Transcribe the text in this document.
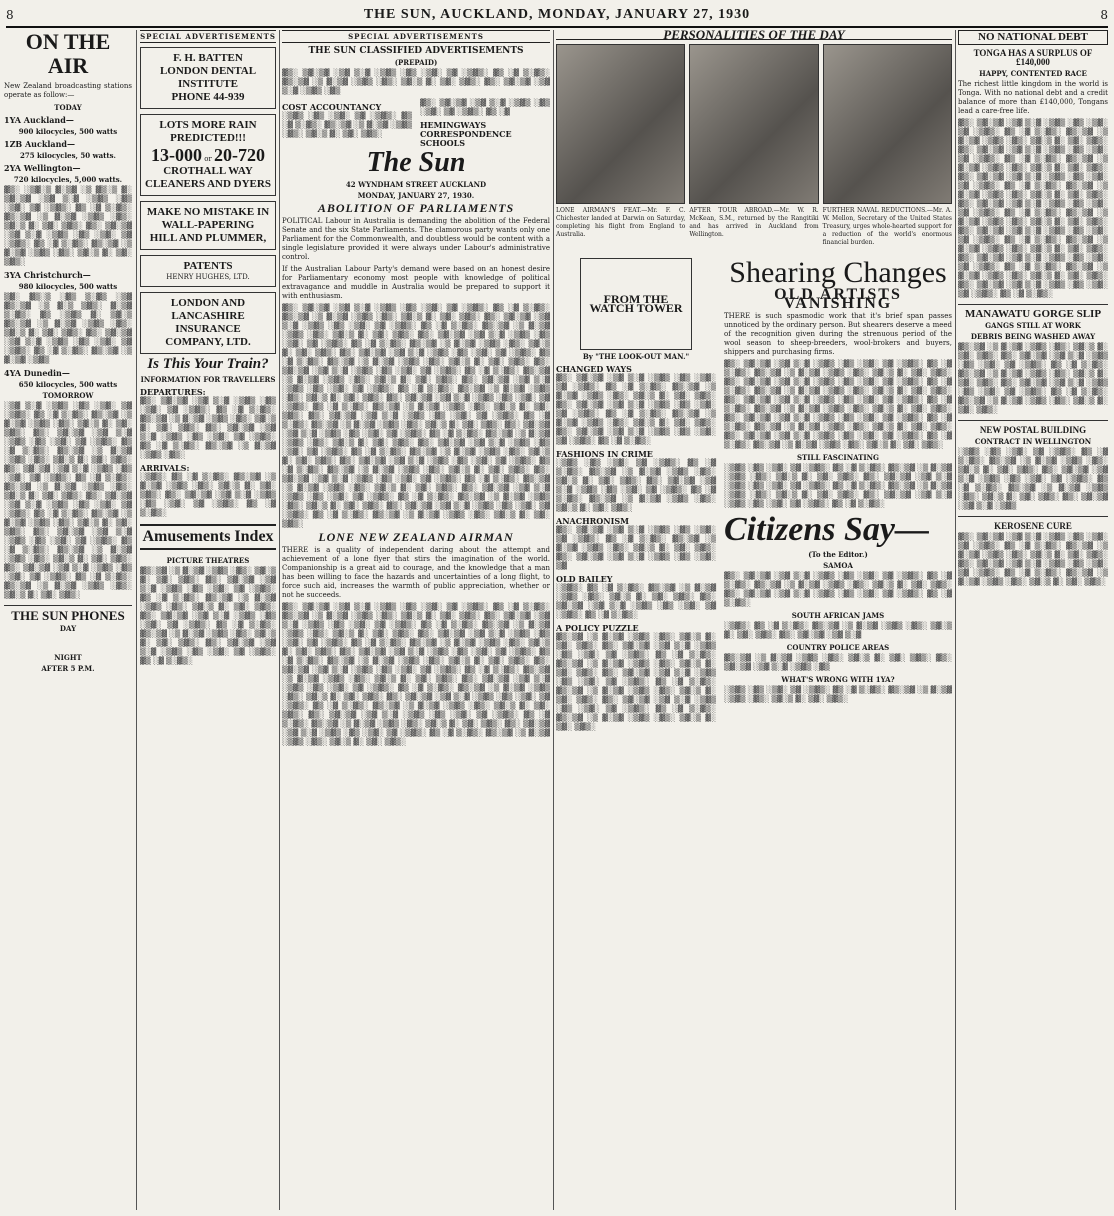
8	THE SUN, AUCKLAND, MONDAY, JANUARY 27, 1930	8
ON THE AIR

New Zealand broadcasting stations operate as follow:—

TODAY
1YA Auckland—
900 kilocycles, 500 watts
1ZB Auckland—
275 kilocycles, 50 watts.
2YA Wellington—
720 kilocycles, 5,000 watts.

▓▒░ ░▒▓░▒ ▓░▒▓ ░▒ ▓▒░▒ ▓░ ▒▓░▒▓ ░▒▓ ▒░▓ ░▒▓▒ ░▓▒ ░▒▓░ ▒▓ ░▒▓▒░ ▓▒ ░▓ ▒░▓▒░ ▓▒░▒▓ ░▒ ▓░▒▓ ░▒▓▒ ░▓▒░ ▒▓░▒ ▓░ ▒▓░ ▒▓▒░ ▓▒░ ▒▓░▒▓ ░▒▓ ▒░▓ ░▒▓▒ ░▓▒ ░▒▓░ ▒▓ ░▒▓▒░ ▓▒ ░▓ ▒░▓▒░ ▓▒░▒▓ ░▒ ▓░▒▓ ░▒▓▒ ░▓▒░ ▒▓░▒ ▓░ ▒▓░ ▒▓▒░

3YA Christchurch—
980 kilocycles, 500 watts

▒▓░ ▓▒░▒ ░▓▒ ▒░▓▒ ░▒▓ ▓▒░▒▓ ░▒ ▓░▒ ▒▓▒░ ▓░▒▓ ▒░▓▒░ ▓▒ ░▒▓▒ ▓░ ▒▓░▒ ▓▒░▒▓ ░▒ ▓░▒▓ ░▒▓▒ ░▓▒░ ▒▓░▒ ▓░ ▒▓░ ▒▓▒░ ▓▒░ ▒▓░▒▓ ░▒▓ ▒░▓ ░▒▓▒ ░▓▒ ░▒▓░ ▒▓ ░▒▓▒░ ▓▒ ░▓ ▒░▓▒░ ▓▒░▒▓ ░▒ ▓░▒▓ ░▒▓▒

4YA Dunedin—
650 kilocycles, 500 watts
TOMORROW

░▒▓ ▒░▓ ░▒▓▒ ░▓▒ ░▒▓░ ▒▓ ░▒▓▒░ ▓▒ ░▓ ▒░▓▒░ ▓▒░▒▓ ░▒ ▓░▒▓ ░▒▓▒ ░▓▒░ ▒▓░▒ ▓░ ▒▓░ ▒▓▒░ ▓▒░ ▒▓░▒▓ ░▒▓ ▒░▓ ░▒▓▒ ░▓▒ ░▒▓░ ▒▓ ░▒▓▒░ ▓▒ ░▓ ▒░▓▒░ ▓▒░▒▓ ░▒ ▓░▒▓ ░▒▓▒ ░▓▒░ ▒▓░▒ ▓░ ▒▓░ ▒▓▒░ ▓▒░ ▒▓░▒▓ ░▒▓ ▒░▓ ░▒▓▒ ░▓▒ ░▒▓░ ▒▓ ░▒▓▒░ ▓▒ ░▓ ▒░▓▒░ ▓▒░▒▓ ░▒ ▓░▒▓ ░▒▓▒ ░▓▒░ ▒▓░▒ ▓░ ▒▓░ ▒▓▒░ ▓▒░ ▒▓░▒▓ ░▒▓ ▒░▓ ░▒▓▒ ░▓▒ ░▒▓░ ▒▓ ░▒▓▒░ ▓▒ ░▓ ▒░▓▒░ ▓▒░▒▓ ░▒ ▓░▒▓ ░▒▓▒ ░▓▒░ ▒▓░▒ ▓░ ▒▓░ ▒▓▒░ ▓▒░ ▒▓░▒▓ ░▒▓ ▒░▓ ░▒▓▒ ░▓▒ ░▒▓░ ▒▓ ░▒▓▒░ ▓▒ ░▓ ▒░▓▒░ ▓▒░▒▓ ░▒ ▓░▒▓ ░▒▓▒ ░▓▒░ ▒▓░▒ ▓░ ▒▓░ ▒▓▒░ ▓▒░ ▒▓░▒▓ ░▒▓ ▒░▓ ░▒▓▒ ░▓▒ ░▒▓░ ▒▓ ░▒▓▒░ ▓▒ ░▓ ▒░▓▒░ ▓▒░▒▓ ░▒ ▓░▒▓ ░▒▓▒ ░▓▒░ ▒▓░▒ ▓░ ▒▓░ ▒▓▒░

THE SUN PHONES
DAY
NIGHT
AFTER 5 P.M.
SPECIAL ADVERTISEMENTS
F. H. BATTEN
LONDON DENTAL INSTITUTE
PHONE 44-939
LOTS MORE RAIN PREDICTED!!!
13-000 or 20-720
CROTHALL WAY CLEANERS AND DYERS
MAKE NO MISTAKE IN WALL-PAPERING
HILL AND PLUMMER,
PATENTS
HENRY HUGHES, LTD.
LONDON AND LANCASHIRE INSURANCE COMPANY, LTD.
Is This Your Train?
INFORMATION FOR TRAVELLERS
DEPARTURES:

▓▒░ ▒▓░▒▓ ░▒▓ ▒░▓ ░▒▓▒ ░▓▒ ░▒▓░ ▒▓ ░▒▓▒░ ▓▒ ░▓ ▒░▓▒░ ▓▒░▒▓ ░▒ ▓░▒▓ ░▒▓▒ ░▓▒░ ▒▓░▒ ▓░ ▒▓░ ▒▓▒░ ▓▒░ ▒▓░▒▓ ░▒▓ ▒░▓ ░▒▓▒ ░▓▒ ░▒▓░ ▒▓ ░▒▓▒░ ▓▒ ░▓ ▒░▓▒░ ▓▒░▒▓ ░▒ ▓░▒▓ ░▒▓▒ ░▓▒░

ARRIVALS:

░▒▓▒░ ▓▒ ░▓ ▒░▓▒░ ▓▒░▒▓ ░▒ ▓░▒▓ ░▒▓▒ ░▓▒░ ▒▓░▒ ▓░ ▒▓░ ▒▓▒░ ▓▒░ ▒▓░▒▓ ░▒▓ ▒░▓ ░▒▓▒ ░▓▒ ░▒▓░ ▒▓ ░▒▓▒░ ▓▒ ░▓ ▒░▓▒░

Amusements Index
PICTURE THEATRES

▓▒░▒▓ ░▒ ▓░▒▓ ░▒▓▒ ░▓▒░ ▒▓░▒ ▓░ ▒▓░ ▒▓▒░ ▓▒░ ▒▓░▒▓ ░▒▓ ▒░▓ ░▒▓▒ ░▓▒ ░▒▓░ ▒▓ ░▒▓▒░ ▓▒ ░▓ ▒░▓▒░ ▓▒░▒▓ ░▒ ▓░▒▓ ░▒▓▒ ░▓▒░ ▒▓░▒ ▓░ ▒▓░ ▒▓▒░ ▓▒░ ▒▓░▒▓ ░▒▓ ▒░▓ ░▒▓▒ ░▓▒ ░▒▓░ ▒▓ ░▒▓▒░ ▓▒ ░▓ ▒░▓▒░ ▓▒░▒▓ ░▒ ▓░▒▓ ░▒▓▒ ░▓▒░ ▒▓░▒ ▓░ ▒▓░ ▒▓▒░ ▓▒░ ▒▓░▒▓ ░▒▓ ▒░▓ ░▒▓▒ ░▓▒ ░▒▓░ ▒▓ ░▒▓▒░ ▓▒ ░▓ ▒░▓▒░

SPECIAL ADVERTISEMENTS
THE SUN CLASSIFIED ADVERTISEMENTS
(PREPAID)

▓▒░ ▒▓░▒▓ ░▒▓ ▒░▓ ░▒▓▒ ░▓▒ ░▒▓░ ▒▓ ░▒▓▒░ ▓▒ ░▓ ▒░▓▒░ ▓▒░▒▓ ░▒ ▓░▒▓ ░▒▓▒ ░▓▒░ ▒▓░▒ ▓░ ▒▓░ ▒▓▒░ ▓▒░ ▒▓░▒▓ ░▒▓ ▒░▓ ░▒▓▒ ░▓▒

COST ACCOUNTANCY

░▒▓▒ ░▓▒ ░▒▓░ ▒▓ ░▒▓▒░ ▓▒ ░▓ ▒░▓▒░ ▓▒░▒▓ ░▒ ▓░▒▓ ░▒▓▒ ░▓▒░ ▒▓░▒ ▓░ ▒▓░ ▒▓▒░

▓▒░ ▒▓░▒▓ ░▒▓ ▒░▓ ░▒▓▒ ░▓▒ ░▒▓░ ▒▓ ░▒▓▒░ ▓▒ ░▓

HEMINGWAYS CORRESPONDENCE SCHOOLS
The Sun
42 WYNDHAM STREET AUCKLAND
MONDAY, JANUARY 27, 1930.
ABOLITION OF PARLIAMENTS

POLITICAL Labour in Australia is demanding the abolition of the Federal Senate and the six State Parliaments. The clamorous party wants only one Parliament for the Commonwealth, and doubtless would be content with a single legislature provided it were always under Labour's administrative control.

If the Australian Labour Party's demand were based on an honest desire for Parliamentary economy most people with knowledge of political extravagance and muddle in Australia would be prepared to support it with enthusiasm.

▓▒░ ▒▓░▒▓ ░▒▓ ▒░▓ ░▒▓▒ ░▓▒ ░▒▓░ ▒▓ ░▒▓▒░ ▓▒ ░▓ ▒░▓▒░ ▓▒░▒▓ ░▒ ▓░▒▓ ░▒▓▒ ░▓▒░ ▒▓░▒ ▓░ ▒▓░ ▒▓▒░ ▓▒░ ▒▓░▒▓ ░▒▓ ▒░▓ ░▒▓▒ ░▓▒ ░▒▓░ ▒▓ ░▒▓▒░ ▓▒ ░▓ ▒░▓▒░ ▓▒░▒▓ ░▒ ▓░▒▓ ░▒▓▒ ░▓▒░ ▒▓░▒ ▓░ ▒▓░ ▒▓▒░ ▓▒░ ▒▓░▒▓ ░▒▓ ▒░▓ ░▒▓▒ ░▓▒ ░▒▓░ ▒▓ ░▒▓▒░ ▓▒ ░▓ ▒░▓▒░ ▓▒░▒▓ ░▒ ▓░▒▓ ░▒▓▒ ░▓▒░ ▒▓░▒ ▓░ ▒▓░ ▒▓▒░ ▓▒░ ▒▓░▒▓ ░▒▓ ▒░▓ ░▒▓▒ ░▓▒ ░▒▓░ ▒▓ ░▒▓▒░ ▓▒ ░▓ ▒░▓▒░ ▓▒░▒▓ ░▒ ▓░▒▓ ░▒▓▒ ░▓▒░ ▒▓░▒ ▓░ ▒▓░ ▒▓▒░ ▓▒░ ▒▓░▒▓ ░▒▓ ▒░▓ ░▒▓▒ ░▓▒ ░▒▓░ ▒▓ ░▒▓▒░ ▓▒ ░▓ ▒░▓▒░ ▓▒░▒▓ ░▒ ▓░▒▓ ░▒▓▒ ░▓▒░ ▒▓░▒ ▓░ ▒▓░ ▒▓▒░ ▓▒░ ▒▓░▒▓ ░▒▓ ▒░▓ ░▒▓▒ ░▓▒ ░▒▓░ ▒▓ ░▒▓▒░ ▓▒ ░▓ ▒░▓▒░ ▓▒░▒▓ ░▒ ▓░▒▓ ░▒▓▒ ░▓▒░ ▒▓░▒ ▓░ ▒▓░ ▒▓▒░ ▓▒░ ▒▓░▒▓ ░▒▓ ▒░▓ ░▒▓▒ ░▓▒ ░▒▓░ ▒▓ ░▒▓▒░ ▓▒ ░▓ ▒░▓▒░ ▓▒░▒▓ ░▒ ▓░▒▓ ░▒▓▒ ░▓▒░ ▒▓░▒ ▓░ ▒▓░ ▒▓▒░ ▓▒░ ▒▓░▒▓ ░▒▓ ▒░▓ ░▒▓▒ ░▓▒ ░▒▓░ ▒▓ ░▒▓▒░ ▓▒ ░▓ ▒░▓▒░ ▓▒░▒▓ ░▒ ▓░▒▓ ░▒▓▒ ░▓▒░ ▒▓░▒ ▓░ ▒▓░ ▒▓▒░ ▓▒░ ▒▓░▒▓ ░▒▓ ▒░▓ ░▒▓▒ ░▓▒ ░▒▓░ ▒▓ ░▒▓▒░ ▓▒ ░▓ ▒░▓▒░ ▓▒░▒▓ ░▒ ▓░▒▓ ░▒▓▒ ░▓▒░ ▒▓░▒ ▓░ ▒▓░ ▒▓▒░ ▓▒░ ▒▓░▒▓ ░▒▓ ▒░▓ ░▒▓▒ ░▓▒ ░▒▓░ ▒▓ ░▒▓▒░ ▓▒ ░▓ ▒░▓▒░ ▓▒░▒▓ ░▒ ▓░▒▓ ░▒▓▒ ░▓▒░ ▒▓░▒ ▓░ ▒▓░ ▒▓▒░ ▓▒░ ▒▓░▒▓ ░▒▓ ▒░▓ ░▒▓▒ ░▓▒ ░▒▓░ ▒▓ ░▒▓▒░ ▓▒ ░▓ ▒░▓▒░ ▓▒░▒▓ ░▒ ▓░▒▓ ░▒▓▒ ░▓▒░ ▒▓░▒ ▓░ ▒▓░ ▒▓▒░ ▓▒░ ▒▓░▒▓ ░▒▓ ▒░▓ ░▒▓▒ ░▓▒ ░▒▓░ ▒▓ ░▒▓▒░ ▓▒ ░▓ ▒░▓▒░ ▓▒░▒▓ ░▒ ▓░▒▓ ░▒▓▒ ░▓▒░ ▒▓░▒ ▓░ ▒▓░ ▒▓▒░ ▓▒░ ▒▓░▒▓ ░▒▓ ▒░▓ ░▒▓▒ ░▓▒ ░▒▓░ ▒▓ ░▒▓▒░ ▓▒ ░▓ ▒░▓▒░ ▓▒░▒▓ ░▒ ▓░▒▓ ░▒▓▒ ░▓▒░ ▒▓░▒ ▓░ ▒▓░ ▒▓▒░ ▓▒░ ▒▓░▒▓ ░▒▓ ▒░▓ ░▒▓▒ ░▓▒ ░▒▓░ ▒▓ ░▒▓▒░ ▓▒ ░▓ ▒░▓▒░ ▓▒░▒▓ ░▒ ▓░▒▓ ░▒▓▒ ░▓▒░ ▒▓░▒ ▓░ ▒▓░ ▒▓▒░

LONE NEW ZEALAND AIRMAN

THERE is a quality of independent daring about the attempt and achievement of a lone flyer that stirs the imagination of the world. Companionship is a great aid to courage, and the knowledge that a man has been willing to face the hazards and uncertainties of a long flight, to force such aid, increases the warmth of public appreciation, whether or not he succeeds.

▓▒░ ▒▓░▒▓ ░▒▓ ▒░▓ ░▒▓▒ ░▓▒ ░▒▓░ ▒▓ ░▒▓▒░ ▓▒ ░▓ ▒░▓▒░ ▓▒░▒▓ ░▒ ▓░▒▓ ░▒▓▒ ░▓▒░ ▒▓░▒ ▓░ ▒▓░ ▒▓▒░ ▓▒░ ▒▓░▒▓ ░▒▓ ▒░▓ ░▒▓▒ ░▓▒ ░▒▓░ ▒▓ ░▒▓▒░ ▓▒ ░▓ ▒░▓▒░ ▓▒░▒▓ ░▒ ▓░▒▓ ░▒▓▒ ░▓▒░ ▒▓░▒ ▓░ ▒▓░ ▒▓▒░ ▓▒░ ▒▓░▒▓ ░▒▓ ▒░▓ ░▒▓▒ ░▓▒ ░▒▓░ ▒▓ ░▒▓▒░ ▓▒ ░▓ ▒░▓▒░ ▓▒░▒▓ ░▒ ▓░▒▓ ░▒▓▒ ░▓▒░ ▒▓░▒ ▓░ ▒▓░ ▒▓▒░ ▓▒░ ▒▓░▒▓ ░▒▓ ▒░▓ ░▒▓▒ ░▓▒ ░▒▓░ ▒▓ ░▒▓▒░ ▓▒ ░▓ ▒░▓▒░ ▓▒░▒▓ ░▒ ▓░▒▓ ░▒▓▒ ░▓▒░ ▒▓░▒ ▓░ ▒▓░ ▒▓▒░ ▓▒░ ▒▓░▒▓ ░▒▓ ▒░▓ ░▒▓▒ ░▓▒ ░▒▓░ ▒▓ ░▒▓▒░ ▓▒ ░▓ ▒░▓▒░ ▓▒░▒▓ ░▒ ▓░▒▓ ░▒▓▒ ░▓▒░ ▒▓░▒ ▓░ ▒▓░ ▒▓▒░ ▓▒░ ▒▓░▒▓ ░▒▓ ▒░▓ ░▒▓▒ ░▓▒ ░▒▓░ ▒▓ ░▒▓▒░ ▓▒ ░▓ ▒░▓▒░ ▓▒░▒▓ ░▒ ▓░▒▓ ░▒▓▒ ░▓▒░ ▒▓░▒ ▓░ ▒▓░ ▒▓▒░ ▓▒░ ▒▓░▒▓ ░▒▓ ▒░▓ ░▒▓▒ ░▓▒ ░▒▓░ ▒▓ ░▒▓▒░ ▓▒ ░▓ ▒░▓▒░ ▓▒░▒▓ ░▒ ▓░▒▓ ░▒▓▒ ░▓▒░ ▒▓░▒ ▓░ ▒▓░ ▒▓▒░ ▓▒░ ▒▓░▒▓ ░▒▓ ▒░▓ ░▒▓▒ ░▓▒ ░▒▓░ ▒▓ ░▒▓▒░ ▓▒ ░▓ ▒░▓▒░ ▓▒░▒▓ ░▒ ▓░▒▓ ░▒▓▒ ░▓▒░ ▒▓░▒ ▓░ ▒▓░ ▒▓▒░ ▓▒░ ▒▓░▒▓ ░▒▓ ▒░▓ ░▒▓▒ ░▓▒ ░▒▓░ ▒▓ ░▒▓▒░ ▓▒ ░▓ ▒░▓▒░ ▓▒░▒▓ ░▒ ▓░▒▓ ░▒▓▒ ░▓▒░ ▒▓░▒ ▓░ ▒▓░ ▒▓▒░

PERSONALITIES OF THE DAY

LONE AIRMAN'S FEAT.—Mr. F. C. Chichester landed at Darwin on Saturday, completing his flight from England to Australia.

AFTER TOUR ABROAD.—Mr. W. R. McKean, S.M., returned by the Rangitiki and has arrived in Auckland from Wellington.

FURTHER NAVAL REDUCTIONS.—Mr. A. W. Mellon, Secretary of the United States Treasury, urges whole-hearted support for a reduction of the world's enormous financial burden.

FROM THE WATCH TOWER
By "THE LOOK-OUT MAN."
CHANGED WAYS

▓▒░ ▒▓░▒▓ ░▒▓ ▒░▓ ░▒▓▒ ░▓▒ ░▒▓░ ▒▓ ░▒▓▒░ ▓▒ ░▓ ▒░▓▒░ ▓▒░▒▓ ░▒ ▓░▒▓ ░▒▓▒ ░▓▒░ ▒▓░▒ ▓░ ▒▓░ ▒▓▒░ ▓▒░ ▒▓░▒▓ ░▒▓ ▒░▓ ░▒▓▒ ░▓▒ ░▒▓░ ▒▓ ░▒▓▒░ ▓▒ ░▓ ▒░▓▒░ ▓▒░▒▓ ░▒ ▓░▒▓ ░▒▓▒ ░▓▒░ ▒▓░▒ ▓░ ▒▓░ ▒▓▒░ ▓▒░ ▒▓░▒▓ ░▒▓ ▒░▓ ░▒▓▒ ░▓▒ ░▒▓░ ▒▓ ░▒▓▒░ ▓▒ ░▓ ▒░▓▒░

FASHIONS IN CRIME

░▒▓▒ ░▓▒ ░▒▓░ ▒▓ ░▒▓▒░ ▓▒ ░▓ ▒░▓▒░ ▓▒░▒▓ ░▒ ▓░▒▓ ░▒▓▒ ░▓▒░ ▒▓░▒ ▓░ ▒▓░ ▒▓▒░ ▓▒░ ▒▓░▒▓ ░▒▓ ▒░▓ ░▒▓▒ ░▓▒ ░▒▓░ ▒▓ ░▒▓▒░ ▓▒ ░▓ ▒░▓▒░ ▓▒░▒▓ ░▒ ▓░▒▓ ░▒▓▒ ░▓▒░ ▒▓░▒ ▓░ ▒▓░ ▒▓▒░

ANACHRONISM

▓▒░ ▒▓░▒▓ ░▒▓ ▒░▓ ░▒▓▒ ░▓▒ ░▒▓░ ▒▓ ░▒▓▒░ ▓▒ ░▓ ▒░▓▒░ ▓▒░▒▓ ░▒ ▓░▒▓ ░▒▓▒ ░▓▒░ ▒▓░▒ ▓░ ▒▓░ ▒▓▒░ ▓▒░ ▒▓░▒▓ ░▒▓ ▒░▓ ░▒▓▒ ░▓▒ ░▒▓░ ▒▓

OLD BAILEY

░▒▓▒░ ▓▒ ░▓ ▒░▓▒░ ▓▒░▒▓ ░▒ ▓░▒▓ ░▒▓▒ ░▓▒░ ▒▓░▒ ▓░ ▒▓░ ▒▓▒░ ▓▒░ ▒▓░▒▓ ░▒▓ ▒░▓ ░▒▓▒ ░▓▒ ░▒▓░ ▒▓ ░▒▓▒░ ▓▒ ░▓ ▒░▓▒░

A POLICY PUZZLE

▓▒░▒▓ ░▒ ▓░▒▓ ░▒▓▒ ░▓▒░ ▒▓░▒ ▓░ ▒▓░ ▒▓▒░ ▓▒░ ▒▓░▒▓ ░▒▓ ▒░▓ ░▒▓▒ ░▓▒ ░▒▓░ ▒▓ ░▒▓▒░ ▓▒ ░▓ ▒░▓▒░ ▓▒░▒▓ ░▒ ▓░▒▓ ░▒▓▒ ░▓▒░ ▒▓░▒ ▓░ ▒▓░ ▒▓▒░ ▓▒░ ▒▓░▒▓ ░▒▓ ▒░▓ ░▒▓▒ ░▓▒ ░▒▓░ ▒▓ ░▒▓▒░ ▓▒ ░▓ ▒░▓▒░ ▓▒░▒▓ ░▒ ▓░▒▓ ░▒▓▒ ░▓▒░ ▒▓░▒ ▓░ ▒▓░ ▒▓▒░ ▓▒░ ▒▓░▒▓ ░▒▓ ▒░▓ ░▒▓▒ ░▓▒ ░▒▓░ ▒▓ ░▒▓▒░ ▓▒ ░▓ ▒░▓▒░ ▓▒░▒▓ ░▒ ▓░▒▓ ░▒▓▒ ░▓▒░ ▒▓░▒ ▓░ ▒▓░ ▒▓▒░

Shearing Changes
OLD ARTISTS VANISHING

THERE is such spasmodic work that it's brief span passes unnoticed by the ordinary person. But shearers deserve a meed of the recognition given during the strenuous period of the wool season to sheep-breeders, wool-brokers and buyers, shippers and purchasing firms.

▓▒░ ▒▓░▒▓ ░▒▓ ▒░▓ ░▒▓▒ ░▓▒ ░▒▓░ ▒▓ ░▒▓▒░ ▓▒ ░▓ ▒░▓▒░ ▓▒░▒▓ ░▒ ▓░▒▓ ░▒▓▒ ░▓▒░ ▒▓░▒ ▓░ ▒▓░ ▒▓▒░ ▓▒░ ▒▓░▒▓ ░▒▓ ▒░▓ ░▒▓▒ ░▓▒ ░▒▓░ ▒▓ ░▒▓▒░ ▓▒ ░▓ ▒░▓▒░ ▓▒░▒▓ ░▒ ▓░▒▓ ░▒▓▒ ░▓▒░ ▒▓░▒ ▓░ ▒▓░ ▒▓▒░ ▓▒░ ▒▓░▒▓ ░▒▓ ▒░▓ ░▒▓▒ ░▓▒ ░▒▓░ ▒▓ ░▒▓▒░ ▓▒ ░▓ ▒░▓▒░ ▓▒░▒▓ ░▒ ▓░▒▓ ░▒▓▒ ░▓▒░ ▒▓░▒ ▓░ ▒▓░ ▒▓▒░ ▓▒░ ▒▓░▒▓ ░▒▓ ▒░▓ ░▒▓▒ ░▓▒ ░▒▓░ ▒▓ ░▒▓▒░ ▓▒ ░▓ ▒░▓▒░ ▓▒░▒▓ ░▒ ▓░▒▓ ░▒▓▒ ░▓▒░ ▒▓░▒ ▓░ ▒▓░ ▒▓▒░ ▓▒░ ▒▓░▒▓ ░▒▓ ▒░▓ ░▒▓▒ ░▓▒ ░▒▓░ ▒▓ ░▒▓▒░ ▓▒ ░▓ ▒░▓▒░ ▓▒░▒▓ ░▒ ▓░▒▓ ░▒▓▒ ░▓▒░ ▒▓░▒ ▓░ ▒▓░ ▒▓▒░

STILL FASCINATING

░▒▓▒ ░▓▒ ░▒▓░ ▒▓ ░▒▓▒░ ▓▒ ░▓ ▒░▓▒░ ▓▒░▒▓ ░▒ ▓░▒▓ ░▒▓▒ ░▓▒░ ▒▓░▒ ▓░ ▒▓░ ▒▓▒░ ▓▒░ ▒▓░▒▓ ░▒▓ ▒░▓ ░▒▓▒ ░▓▒ ░▒▓░ ▒▓ ░▒▓▒░ ▓▒ ░▓ ▒░▓▒░ ▓▒░▒▓ ░▒ ▓░▒▓ ░▒▓▒ ░▓▒░ ▒▓░▒ ▓░ ▒▓░ ▒▓▒░ ▓▒░ ▒▓░▒▓ ░▒▓ ▒░▓ ░▒▓▒ ░▓▒ ░▒▓░ ▒▓ ░▒▓▒░ ▓▒ ░▓ ▒░▓▒░

Citizens Say—
(To the Editor.)
SAMOA

▓▒░ ▒▓░▒▓ ░▒▓ ▒░▓ ░▒▓▒ ░▓▒ ░▒▓░ ▒▓ ░▒▓▒░ ▓▒ ░▓ ▒░▓▒░ ▓▒░▒▓ ░▒ ▓░▒▓ ░▒▓▒ ░▓▒░ ▒▓░▒ ▓░ ▒▓░ ▒▓▒░ ▓▒░ ▒▓░▒▓ ░▒▓ ▒░▓ ░▒▓▒ ░▓▒ ░▒▓░ ▒▓ ░▒▓▒░ ▓▒ ░▓ ▒░▓▒░

SOUTH AFRICAN JAMS

░▒▓▒░ ▓▒ ░▓ ▒░▓▒░ ▓▒░▒▓ ░▒ ▓░▒▓ ░▒▓▒ ░▓▒░ ▒▓░▒ ▓░ ▒▓░ ▒▓▒░ ▓▒░ ▒▓░▒▓ ░▒▓ ▒░▓

COUNTRY POLICE AREAS

▓▒░▒▓ ░▒ ▓░▒▓ ░▒▓▒ ░▓▒░ ▒▓░▒ ▓░ ▒▓░ ▒▓▒░ ▓▒░ ▒▓░▒▓ ░▒▓ ▒░▓ ░▒▓▒ ░▓▒

WHAT'S WRONG WITH 1YA?

░▒▓▒ ░▓▒ ░▒▓░ ▒▓ ░▒▓▒░ ▓▒ ░▓ ▒░▓▒░ ▓▒░▒▓ ░▒ ▓░▒▓ ░▒▓▒ ░▓▒░ ▒▓░▒ ▓░ ▒▓░ ▒▓▒░

NO NATIONAL DEBT
TONGA HAS A SURPLUS OF £140,000
HAPPY, CONTENTED RACE

The richest little kingdom in the world is Tonga. With no national debt and a credit balance of more than £140,000, Tongans lead a care-free life.

▓▒░ ▒▓░▒▓ ░▒▓ ▒░▓ ░▒▓▒ ░▓▒ ░▒▓░ ▒▓ ░▒▓▒░ ▓▒ ░▓ ▒░▓▒░ ▓▒░▒▓ ░▒ ▓░▒▓ ░▒▓▒ ░▓▒░ ▒▓░▒ ▓░ ▒▓░ ▒▓▒░ ▓▒░ ▒▓░▒▓ ░▒▓ ▒░▓ ░▒▓▒ ░▓▒ ░▒▓░ ▒▓ ░▒▓▒░ ▓▒ ░▓ ▒░▓▒░ ▓▒░▒▓ ░▒ ▓░▒▓ ░▒▓▒ ░▓▒░ ▒▓░▒ ▓░ ▒▓░ ▒▓▒░ ▓▒░ ▒▓░▒▓ ░▒▓ ▒░▓ ░▒▓▒ ░▓▒ ░▒▓░ ▒▓ ░▒▓▒░ ▓▒ ░▓ ▒░▓▒░ ▓▒░▒▓ ░▒ ▓░▒▓ ░▒▓▒ ░▓▒░ ▒▓░▒ ▓░ ▒▓░ ▒▓▒░ ▓▒░ ▒▓░▒▓ ░▒▓ ▒░▓ ░▒▓▒ ░▓▒ ░▒▓░ ▒▓ ░▒▓▒░ ▓▒ ░▓ ▒░▓▒░ ▓▒░▒▓ ░▒ ▓░▒▓ ░▒▓▒ ░▓▒░ ▒▓░▒ ▓░ ▒▓░ ▒▓▒░ ▓▒░ ▒▓░▒▓ ░▒▓ ▒░▓ ░▒▓▒ ░▓▒ ░▒▓░ ▒▓ ░▒▓▒░ ▓▒ ░▓ ▒░▓▒░ ▓▒░▒▓ ░▒ ▓░▒▓ ░▒▓▒ ░▓▒░ ▒▓░▒ ▓░ ▒▓░ ▒▓▒░ ▓▒░ ▒▓░▒▓ ░▒▓ ▒░▓ ░▒▓▒ ░▓▒ ░▒▓░ ▒▓ ░▒▓▒░ ▓▒ ░▓ ▒░▓▒░ ▓▒░▒▓ ░▒ ▓░▒▓ ░▒▓▒ ░▓▒░ ▒▓░▒ ▓░ ▒▓░ ▒▓▒░ ▓▒░ ▒▓░▒▓ ░▒▓ ▒░▓ ░▒▓▒ ░▓▒ ░▒▓░ ▒▓ ░▒▓▒░ ▓▒ ░▓ ▒░▓▒░

MANAWATU GORGE SLIP
GANGS STILL AT WORK
DEBRIS BEING WASHED AWAY

▓▒░▒▓ ░▒ ▓░▒▓ ░▒▓▒ ░▓▒░ ▒▓░▒ ▓░ ▒▓░ ▒▓▒░ ▓▒░ ▒▓░▒▓ ░▒▓ ▒░▓ ░▒▓▒ ░▓▒ ░▒▓░ ▒▓ ░▒▓▒░ ▓▒ ░▓ ▒░▓▒░ ▓▒░▒▓ ░▒ ▓░▒▓ ░▒▓▒ ░▓▒░ ▒▓░▒ ▓░ ▒▓░ ▒▓▒░ ▓▒░ ▒▓░▒▓ ░▒▓ ▒░▓ ░▒▓▒ ░▓▒ ░▒▓░ ▒▓ ░▒▓▒░ ▓▒ ░▓ ▒░▓▒░ ▓▒░▒▓ ░▒ ▓░▒▓ ░▒▓▒ ░▓▒░ ▒▓░▒ ▓░ ▒▓░ ▒▓▒░

NEW POSTAL BUILDING
CONTRACT IN WELLINGTON

░▒▓▒ ░▓▒ ░▒▓░ ▒▓ ░▒▓▒░ ▓▒ ░▓ ▒░▓▒░ ▓▒░▒▓ ░▒ ▓░▒▓ ░▒▓▒ ░▓▒░ ▒▓░▒ ▓░ ▒▓░ ▒▓▒░ ▓▒░ ▒▓░▒▓ ░▒▓ ▒░▓ ░▒▓▒ ░▓▒ ░▒▓░ ▒▓ ░▒▓▒░ ▓▒ ░▓ ▒░▓▒░ ▓▒░▒▓ ░▒ ▓░▒▓ ░▒▓▒ ░▓▒░ ▒▓░▒ ▓░ ▒▓░ ▒▓▒░ ▓▒░ ▒▓░▒▓ ░▒▓ ▒░▓ ░▒▓▒

KEROSENE CURE

▓▒░ ▒▓░▒▓ ░▒▓ ▒░▓ ░▒▓▒ ░▓▒ ░▒▓░ ▒▓ ░▒▓▒░ ▓▒ ░▓ ▒░▓▒░ ▓▒░▒▓ ░▒ ▓░▒▓ ░▒▓▒ ░▓▒░ ▒▓░▒ ▓░ ▒▓░ ▒▓▒░ ▓▒░ ▒▓░▒▓ ░▒▓ ▒░▓ ░▒▓▒ ░▓▒ ░▒▓░ ▒▓ ░▒▓▒░ ▓▒ ░▓ ▒░▓▒░ ▓▒░▒▓ ░▒ ▓░▒▓ ░▒▓▒ ░▓▒░ ▒▓░▒ ▓░ ▒▓░ ▒▓▒░
